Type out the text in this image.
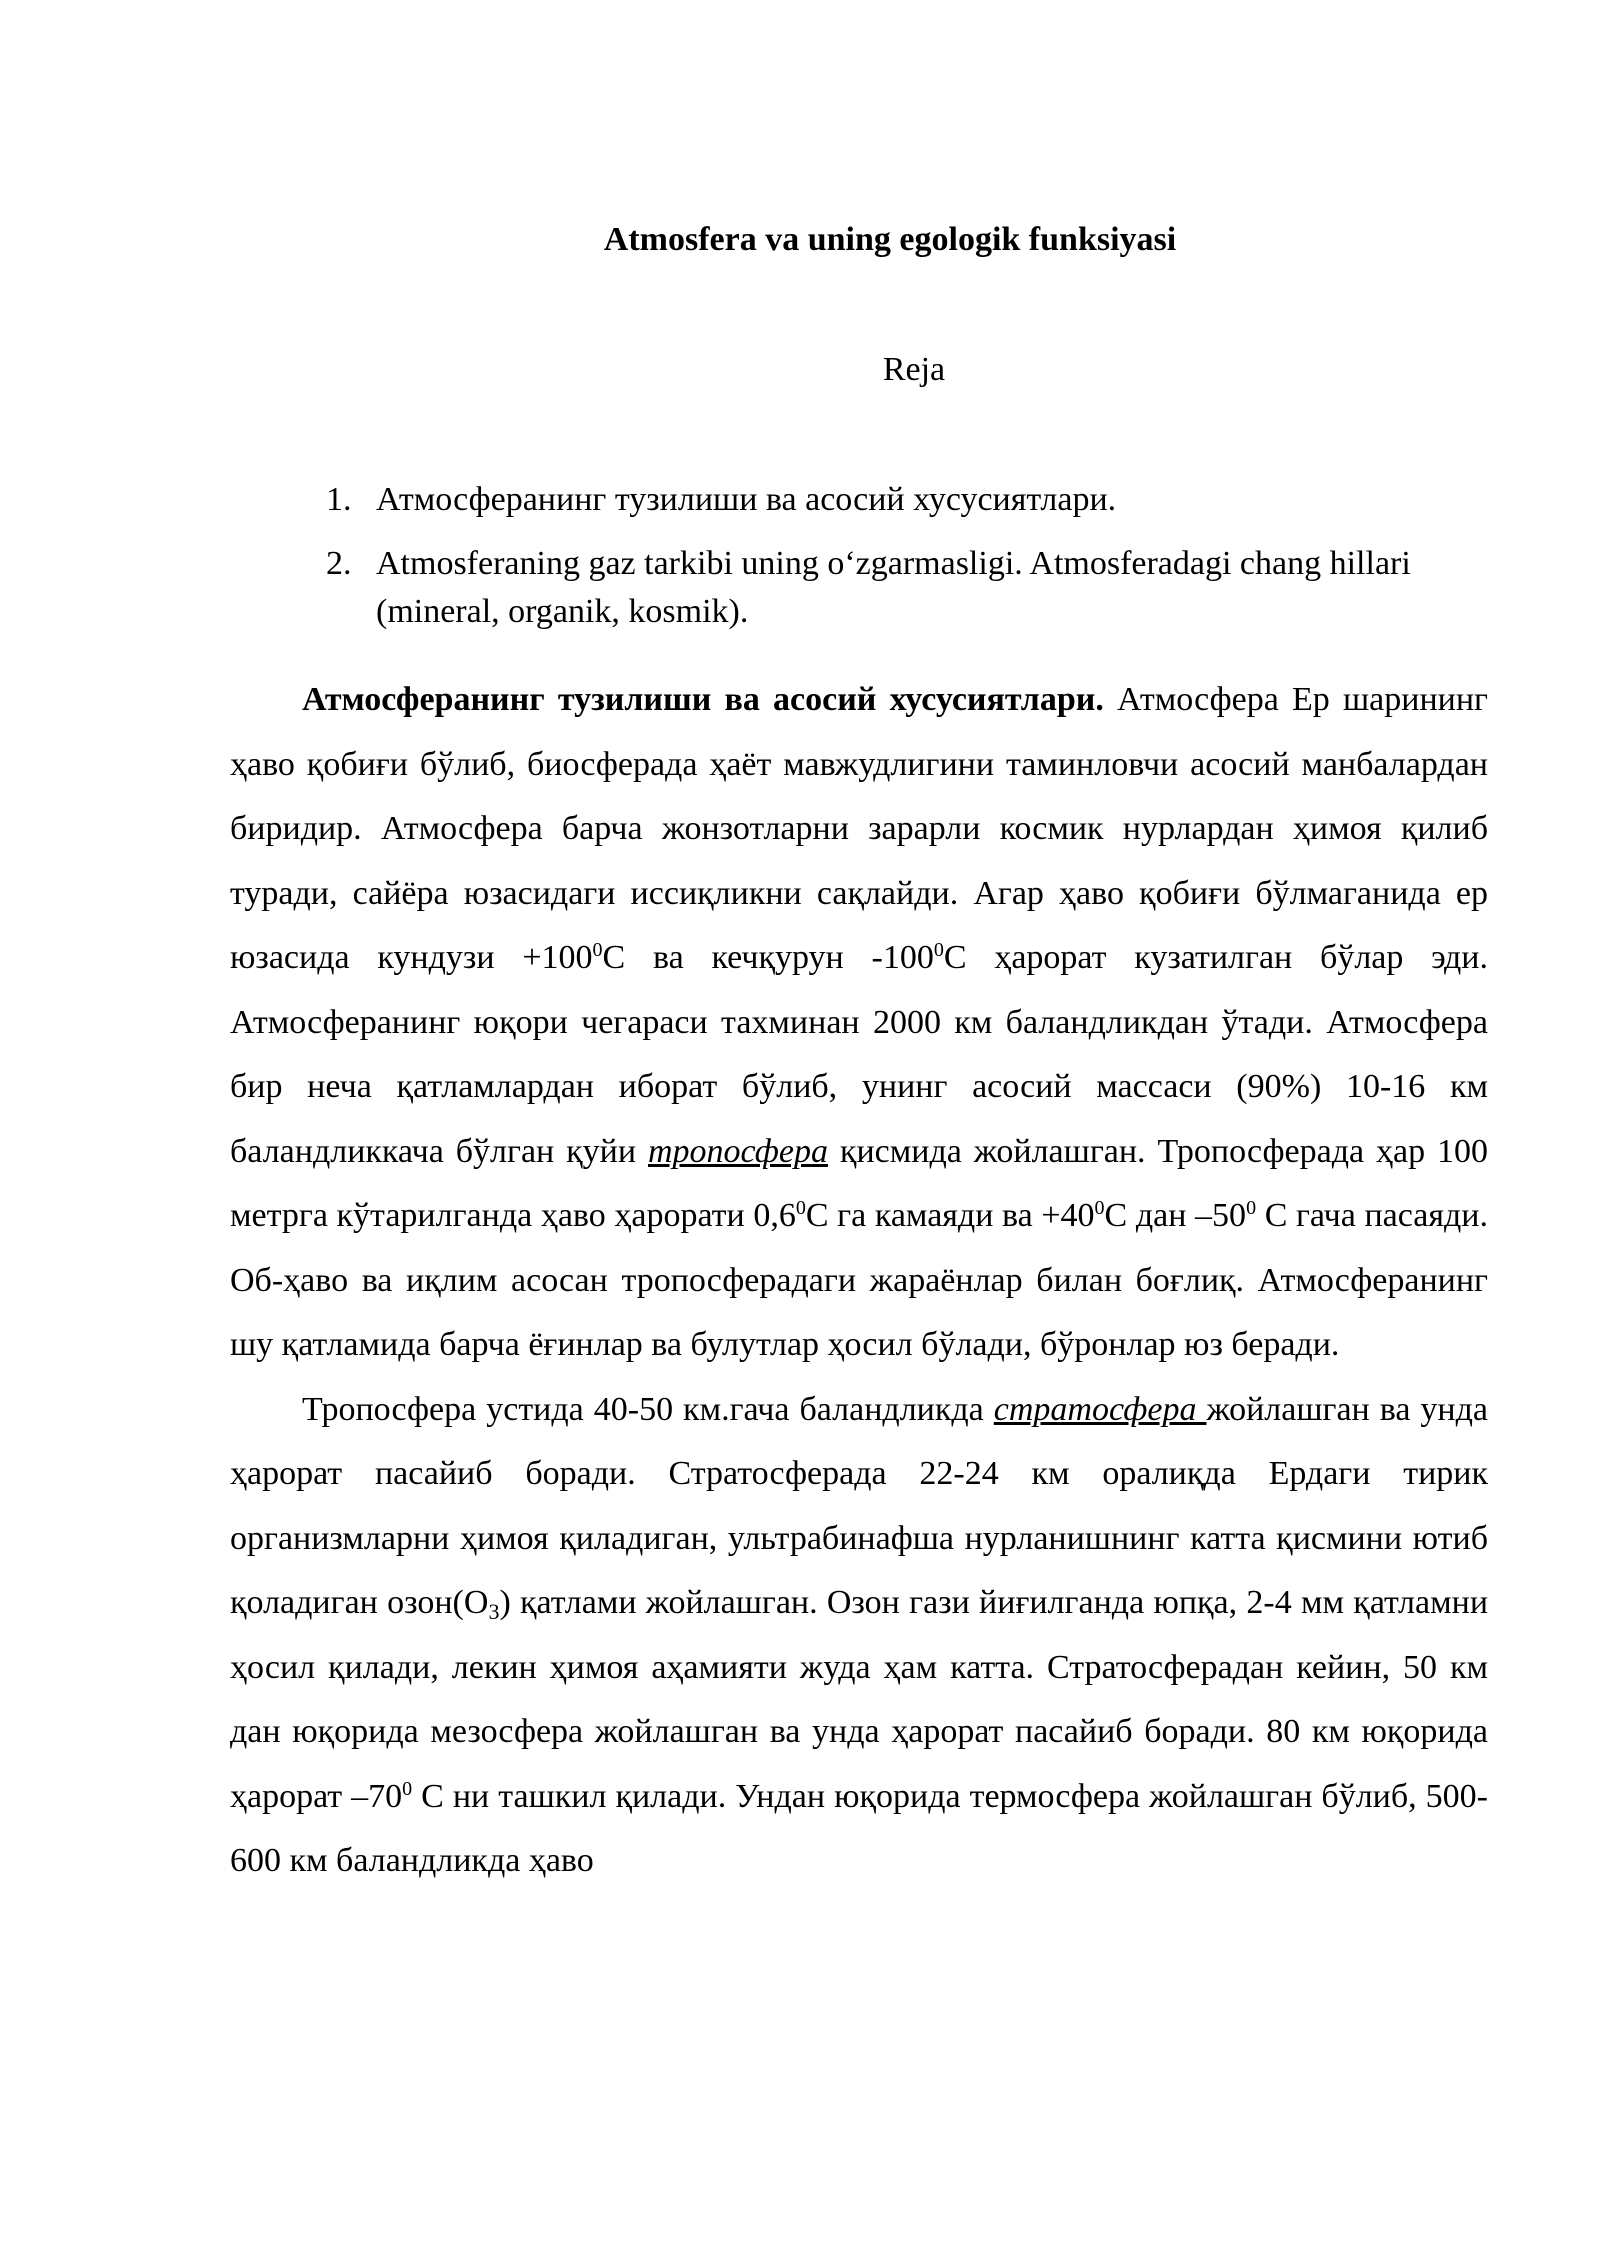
Atmosfera va uning egologik funksiyasi
Reja
1. Атмосферанинг тузилиши ва асосий хусусиятлари.
2. Atmosferaning gaz tarkibi uning o‘zgarmasligi. Atmosferadagi chang hillari (mineral, organik, kosmik).

Атмосферанинг тузилиши ва асосий хусусиятлари. Атмосфера Ер шарининг ҳаво қобиғи бўлиб, биосферада ҳаёт мавжудлигини таминловчи асосий манбалардан биридир. Атмосфера барча жонзотларни зарарли космик нурлардан ҳимоя қилиб туради, сайёра юзасидаги иссиқликни сақлайди. Агар ҳаво қобиғи бўлмаганида ер юзасида кундузи $+100^0С$ ва кечқурун $-100^0С$ ҳарорат кузатилган бўлар эди. Атмосферанинг юқори чегараси тахминан 2000 км баландликдан ўтади. Атмосфера бир неча қатламлардан иборат бўлиб, унинг асосий массаси (90%) 10-16 км баландликкача бўлган қуйи тропосфера қисмида жойлашган. Тропосферада ҳар 100 метрга кўтарилганда ҳаво ҳарорати $0,6^0С$ га камаяди ва $+40^0С$ дан $-50^0$ С гача пасаяди. Об-ҳаво ва иқлим асосан тропосферадаги жараёнлар билан боғлиқ. Атмосферанинг шу қатламида барча ёғинлар ва булутлар ҳосил бўлади, бўронлар юз беради.

Тропосфера устида 40-50 км.гача баландликда стратосфера жойлашган ва унда ҳарорат пасайиб боради. Стратосферада 22-24 км оралиқда Ердаги тирик организмларни ҳимоя қиладиган, ультрабинафша нурланишнинг катта қисмини ютиб қоладиган $озон(О_3)$ қатлами жойлашган. Озон гази йиғилганда юпқа, 2-4 мм қатламни ҳосил қилади, лекин ҳимоя аҳамияти жуда ҳам катта. Стратосферадан кейин, 50 км дан юқорида мезосфера жойлашган ва унда ҳарорат пасайиб боради. 80 км юқорида ҳарорат $-70^0$ С ни ташкил қилади. Ундан юқорида термосфера жойлашган бўлиб, 500-600 км баландликда ҳаво
